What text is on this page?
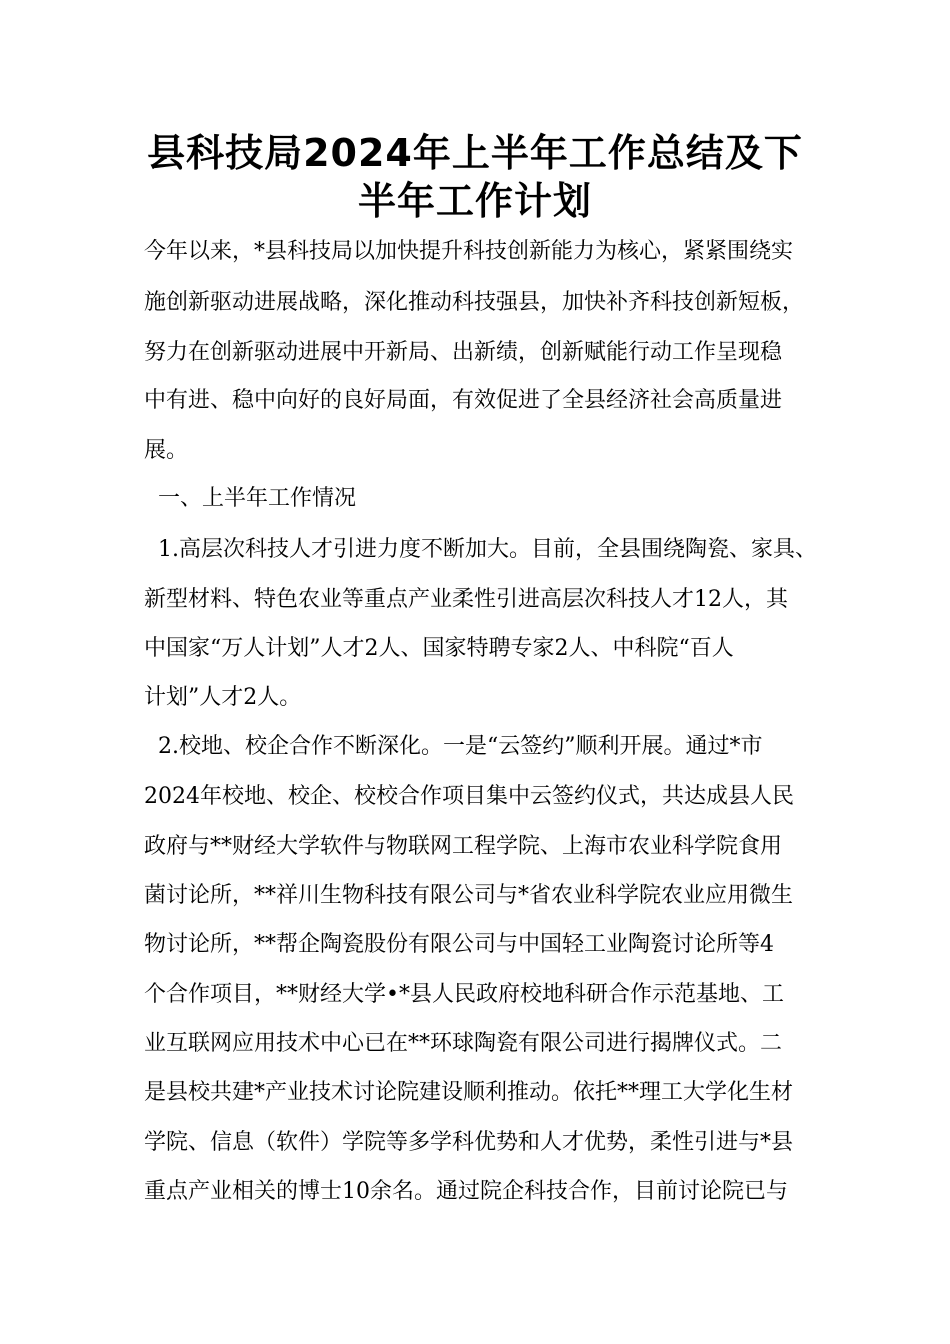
县科技局2024年上半年工作总结及下
半年工作计划

今年以来，*县科技局以加快提升科技创新能力为核心，紧紧围绕实

施创新驱动进展战略，深化推动科技强县，加快补齐科技创新短板，

努力在创新驱动进展中开新局、出新绩，创新赋能行动工作呈现稳

中有进、稳中向好的良好局面，有效促进了全县经济社会高质量进

展。

一、上半年工作情况

1.高层次科技人才引进力度不断加大。目前，全县围绕陶瓷、家具、

新型材料、特色农业等重点产业柔性引进高层次科技人才12人，其

中国家“万人计划”人才2人、国家特聘专家2人、中科院“百人

计划”人才2人。

2.校地、校企合作不断深化。一是“云签约”顺利开展。通过*市

2024年校地、校企、校校合作项目集中云签约仪式，共达成县人民

政府与**财经大学软件与物联网工程学院、上海市农业科学院食用

菌讨论所，**祥川生物科技有限公司与*省农业科学院农业应用微生

物讨论所，**帮企陶瓷股份有限公司与中国轻工业陶瓷讨论所等4

个合作项目，**财经大学•*县人民政府校地科研合作示范基地、工

业互联网应用技术中心已在**环球陶瓷有限公司进行揭牌仪式。二

是县校共建*产业技术讨论院建设顺利推动。依托**理工大学化生材

学院、信息（软件）学院等多学科优势和人才优势，柔性引进与*县

重点产业相关的博士10余名。通过院企科技合作，目前讨论院已与
